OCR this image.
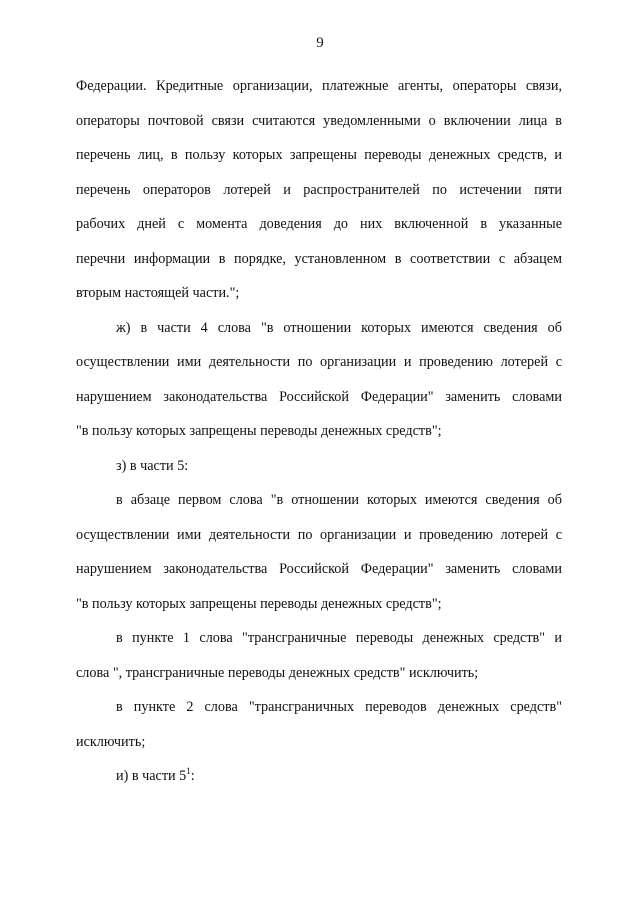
9
Федерации. Кредитные организации, платежные агенты, операторы связи,
операторы почтовой связи считаются уведомленными о включении лица в
перечень лиц, в пользу которых запрещены переводы денежных средств, и
перечень операторов лотерей и распространителей по истечении пяти
рабочих дней с момента доведения до них включенной в указанные
перечни информации в порядке, установленном в соответствии с абзацем
вторым настоящей части.";
ж) в части 4 слова "в отношении которых имеются сведения об
осуществлении ими деятельности по организации и проведению лотерей с
нарушением законодательства Российской Федерации" заменить словами
"в пользу которых запрещены переводы денежных средств";
з) в части 5:
в абзаце первом слова "в отношении которых имеются сведения об
осуществлении ими деятельности по организации и проведению лотерей с
нарушением законодательства Российской Федерации" заменить словами
"в пользу которых запрещены переводы денежных средств";
в пункте 1 слова "трансграничные переводы денежных средств" и
слова ", трансграничные переводы денежных средств" исключить;
в пункте 2 слова "трансграничных переводов денежных средств"
исключить;
и) в части $5^1$:
